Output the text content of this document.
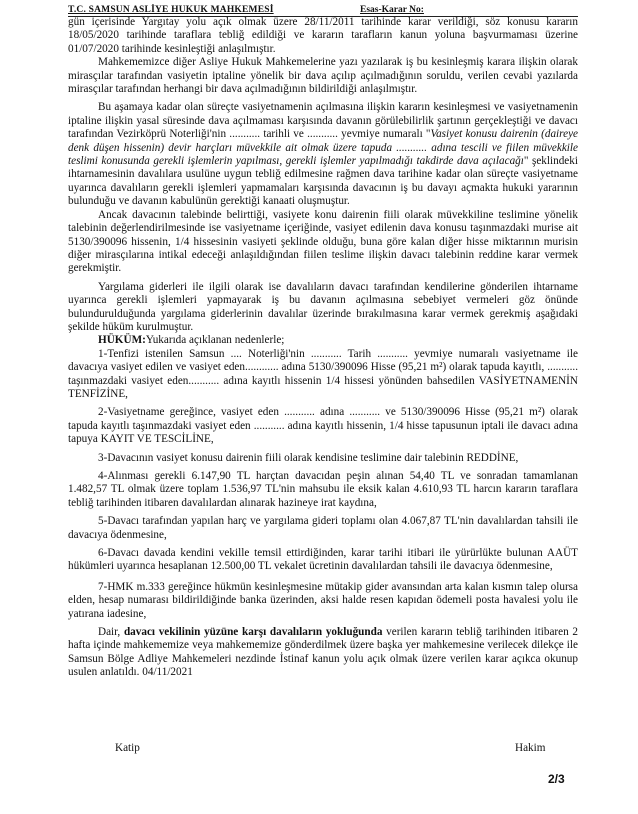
T.C. SAMSUN ASLİYE HUKUK MAHKEMESİ	Esas-Karar No:

gün içerisinde Yargıtay yolu açık olmak üzere 28/11/2011 tarihinde karar verildiği, söz konusu kararın 18/05/2020 tarihinde taraflara tebliğ edildiği ve kararın tarafların kanun yoluna başvurmaması üzerine 01/07/2020 tarihinde kesinleştiği anlaşılmıştır.

Mahkememizce diğer Asliye Hukuk Mahkemelerine yazı yazılarak iş bu kesinleşmiş karara ilişkin olarak mirasçılar tarafından vasiyetin iptaline yönelik bir dava açılıp açılmadığının soruldu, verilen cevabi yazılarda mirasçılar tarafından herhangi bir dava açılmadığının bildirildiği anlaşılmıştır.

Bu aşamaya kadar olan süreçte vasiyetnamenin açılmasına ilişkin kararın kesinleşmesi ve vasiyetnamenin iptaline ilişkin yasal süresinde dava açılmaması karşısında davanın görülebilirlik şartının gerçekleştiği ve davacı tarafından Vezirköprü Noterliği'nin ........... tarihli ve ........... yevmiye numaralı "Vasiyet konusu dairenin (daireye denk düşen hissenin) devir harçları müvekkile ait olmak üzere tapuda ........... adına tescili ve fiilen müvekkile teslimi konusunda gerekli işlemlerin yapılması, gerekli işlemler yapılmadığı takdirde dava açılacağı" şeklindeki ihtarnamesinin davalılara usulüne uygun tebliğ edilmesine rağmen dava tarihine kadar olan süreçte vasiyetname uyarınca davalıların gerekli işlemleri yapmamaları karşısında davacının iş bu davayı açmakta hukuki yararının bulunduğu ve davanın kabulünün gerektiği kanaati oluşmuştur.

Ancak davacının talebinde belirttiği, vasiyete konu dairenin fiili olarak müvekkiline teslimine yönelik talebinin değerlendirilmesinde ise vasiyetname içeriğinde, vasiyet edilenin dava konusu taşınmazdaki murise ait 5130/390096 hissenin, 1/4 hissesinin vasiyeti şeklinde olduğu, buna göre kalan diğer hisse miktarının murisin diğer mirasçılarına intikal edeceği anlaşıldığından fiilen teslime ilişkin davacı talebinin reddine karar vermek gerekmiştir.

Yargılama giderleri ile ilgili olarak ise davalıların davacı tarafından kendilerine gönderilen ihtarname uyarınca gerekli işlemleri yapmayarak iş bu davanın açılmasına sebebiyet vermeleri göz önünde bulundurulduğunda yargılama giderlerinin davalılar üzerinde bırakılmasına karar vermek gerekmiş aşağıdaki şekilde hüküm kurulmuştur.

HÜKÜM:Yukarıda açıklanan nedenlerle;

1-Tenfizi istenilen Samsun .... Noterliği'nin ........... Tarih ........... yevmiye numaralı vasiyetname ile davacıya vasiyet edilen ve vasiyet eden............ adına 5130/390096 Hisse (95,21 m²) olarak tapuda kayıtlı, ........... taşınmazdaki vasiyet eden........... adına kayıtlı hissenin 1/4 hissesi yönünden bahsedilen VASİYETNAMENİN TENFİZİNE,

2-Vasiyetname gereğince, vasiyet eden ........... adına ........... ve 5130/390096 Hisse (95,21 m²) olarak tapuda kayıtlı taşınmazdaki vasiyet eden ........... adına kayıtlı hissenin, 1/4 hisse tapusunun iptali ile davacı adına tapuya KAYIT VE TESCİLİNE,

3-Davacının vasiyet konusu dairenin fiili olarak kendisine teslimine dair talebinin REDDİNE,

4-Alınması gerekli 6.147,90 TL harçtan davacıdan peşin alınan 54,40 TL ve sonradan tamamlanan 1.482,57 TL olmak üzere toplam 1.536,97 TL'nin mahsubu ile eksik kalan 4.610,93 TL harcın kararın taraflara tebliğ tarihinden itibaren davalılardan alınarak hazineye irat kaydına,

5-Davacı tarafından yapılan harç ve yargılama gideri toplamı olan 4.067,87 TL'nin davalılardan tahsili ile davacıya ödenmesine,

6-Davacı davada kendini vekille temsil ettirdiğinden, karar tarihi itibari ile yürürlükte bulunan AAÜT hükümleri uyarınca hesaplanan 12.500,00 TL vekalet ücretinin davalılardan tahsili ile davacıya ödenmesine,

7-HMK m.333 gereğince hükmün kesinleşmesine mütakip gider avansından arta kalan kısmın talep olursa elden, hesap numarası bildirildiğinde banka üzerinden, aksi halde resen kapıdan ödemeli posta havalesi yolu ile yatırana iadesine,

Dair, davacı vekilinin yüzüne karşı davalıların yokluğunda verilen kararın tebliğ tarihinden itibaren 2 hafta içinde mahkememize veya mahkememize gönderdilmek üzere başka yer mahkemesine verilecek dilekçe ile Samsun Bölge Adliye Mahkemeleri nezdinde İstinaf kanun yolu açık olmak üzere verilen karar açıkca okunup usulen anlatıldı. 04/11/2021

Katip	Hakim
2/3
